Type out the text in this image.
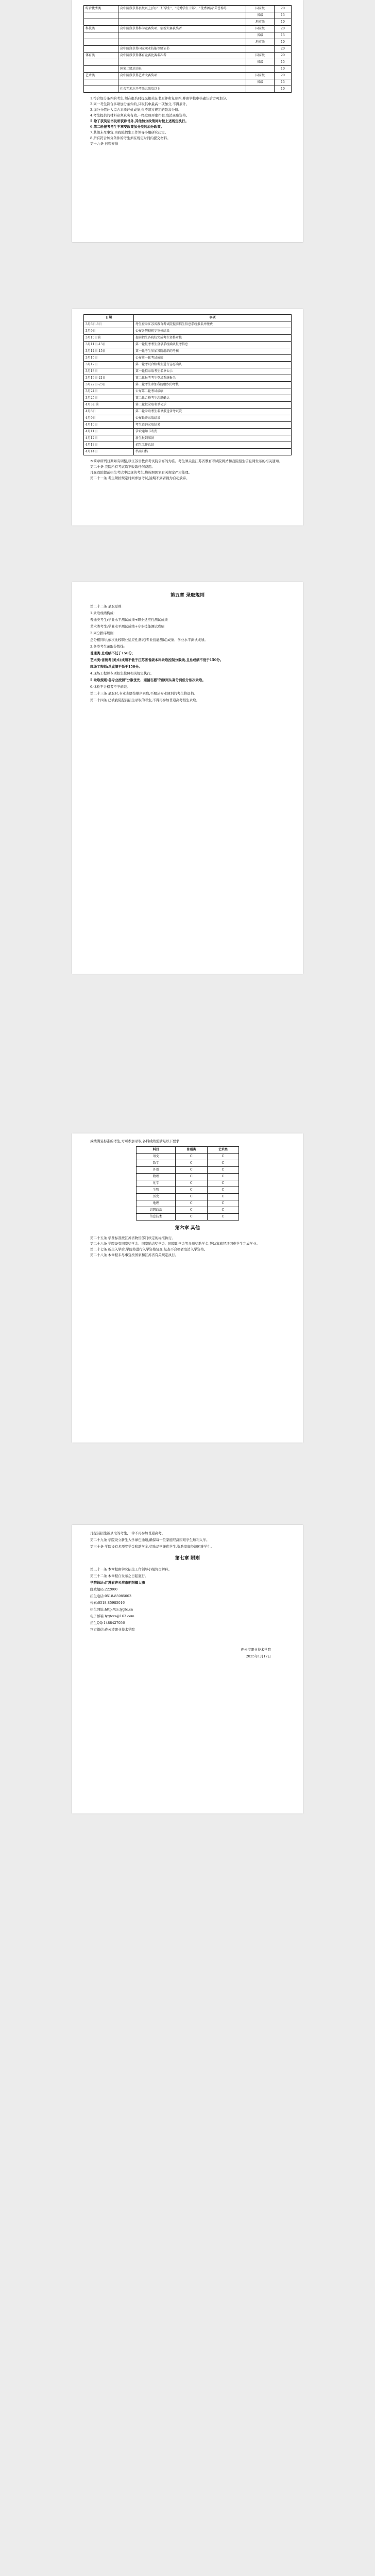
综合优秀类	高中阶段获得县级以上(含)"三好学生"、"优秀学生干部"、"优秀团员"荣誉称号	国家级	20
		省级	15
		地市级	10
科技类	高中阶段获得科学竞赛奖项、创新大赛获奖者	国家级	20
		省级	15
		地市级	10
	高中阶段获得国家职业技能等级证书		20
体育类	高中阶段获得体育竞赛比赛名次者	国家级	20
		省级	15
	国家二级运动员		10
艺术类	高中阶段获得艺术大赛奖项	国家级	20
		省级	15
	社会艺术水平考级五级及以上		10

1.符合加分条件的考生,须在报名时提交相关证书原件和复印件,并由学校审核确认后方可加分。

2.同一考生符合多项加分条件的,只取其中最高一项加分,不得累计。

3.加分分值计入综合素质评价成绩,但不超过规定的最高分值。

4.考生提供的材料必须真实有效,一经发现弄虚作假,取消录取资格。

5.除了获奖证书及所获称号外,其他加分政策同时按上述规定执行。

6.第二轮报考考生不享受政策加分类的加分政策。

7.其他未尽事宜,由我院招生工作领导小组研究决定。

8.所有符合加分条件的考生须在规定时间内提交材料。

第十九条 日程安排

日期	事项
3月6日-8日	考生登录江苏省教育考试院提前招生信息系统报名并缴费
3月9日	公布各院校初步审核结果
3月10日前	提前招生各院校完成考生资格审核
3月11日-13日	第一轮报考考生登录系统确认报考信息
3月14日-15日	第一轮考生参加我院组织的考核
3月16日	公布第一轮考试成绩
3月17日	第一轮考试合格考生进行志愿确认
3月18日	第一轮拟录取考生名单公示
3月19日-21日	第二轮报考考生登录系统报名
3月22日-23日	第二轮考生参加我院组织的考核
3月24日	公布第二轮考试成绩
3月25日	第二轮合格考生志愿确认
4月3日前	第二轮拟录取名单公示
4月8日	第二轮录取考生名单报送省考试院
4月9日	公布最终录取结果
4月10日	考生查询录取结果
4月11日	录取通知书寄发
4月12日	新生报到准备
4月13日	招生工作总结
4月14日	档案归档

本简章所列日期如有调整,以江苏省教育考试院公布的为准。考生须关注江苏省教育考试院网站和我院招生信息网发布的相关通知。

第二十条 我院所有考试均不收取任何费用。

凡在我院提前招生考试中违规的考生,将按照国家有关规定严肃处理。

第二十一条 考生须按规定时间参加考试,逾期不到者视为自动放弃。

第五章 录取规则

第二十二条 录取原则:

1.录取成绩构成:

普通类考生:学业水平测试成绩+职业适应性测试成绩

艺术类考生:学业水平测试成绩+专业技能测试成绩

2.同分排序规则:

总分相同时,依次比较职业适应性测试(专业技能测试)成绩、学业水平测试成绩。

3.各类考生录取分数线:

普通类:总成绩不低于150分;

艺术类:省统考(美术)成绩不低于江苏省省级本科录取控制分数线,且总成绩不低于150分。

现场工程师:总成绩不低于150分。

4.现场工程师专项招生按照相关规定执行。

5.录取规则:各专业按照"分数优先、遵循志愿"的原则从高分到低分依次录取。

6.体检不合格者不予录取。

第二十三条 录取时,专业志愿按顺序录取,不服从专业调剂的考生将退档。

第二十四条 已被我院提前招生录取的考生,不得再参加普通高考招生录取。

成绩满足标准的考生,方可参加录取,各科成绩需满足以下要求:

科目	普通类	艺术类
语文	C	C
数学	C	C
外语	C	C
物理	C	C
化学	C	C
生物	C	C
历史	C	C
地理	C	C
思想政治	C	C
信息技术	C	C

第六章 其他

第二十五条 学费标准按江苏省物价部门核定的标准执行。

第二十六条 学院设有国家奖学金、国家励志奖学金、国家助学金等多项奖助学金,帮助家庭经济困难学生完成学业。

第二十七条 新生入学后,学院将进行入学资格复查,复查不合格者取消入学资格。

第二十八条 本章程未尽事宜按国家和江苏省有关规定执行。

凡提前招生被录取的考生,一律不再参加普通高考。

第二十九条 学院设立新生入学绿色通道,确保每一位家庭经济困难学生顺利入学。

第三十条 学院设有多项奖学金和助学金,奖励品学兼优学生,资助家庭经济困难学生。

第七章 附则

第三十一条 本章程由学院招生工作领导小组负责解释。

第三十二条 本章程自发布之日起施行。

学院地址:江苏省连云港市朝阳镇大庙

邮政编码:222000

招生电话:0518-85985003

传真:0518-85985016

招生网址:http://zs.lygtc.cn

电子邮箱:lygtczs@163.com

招生QQ:1488427056

官方微信:连云港职业技术学院

连云港职业技术学院

2025年1月17日
